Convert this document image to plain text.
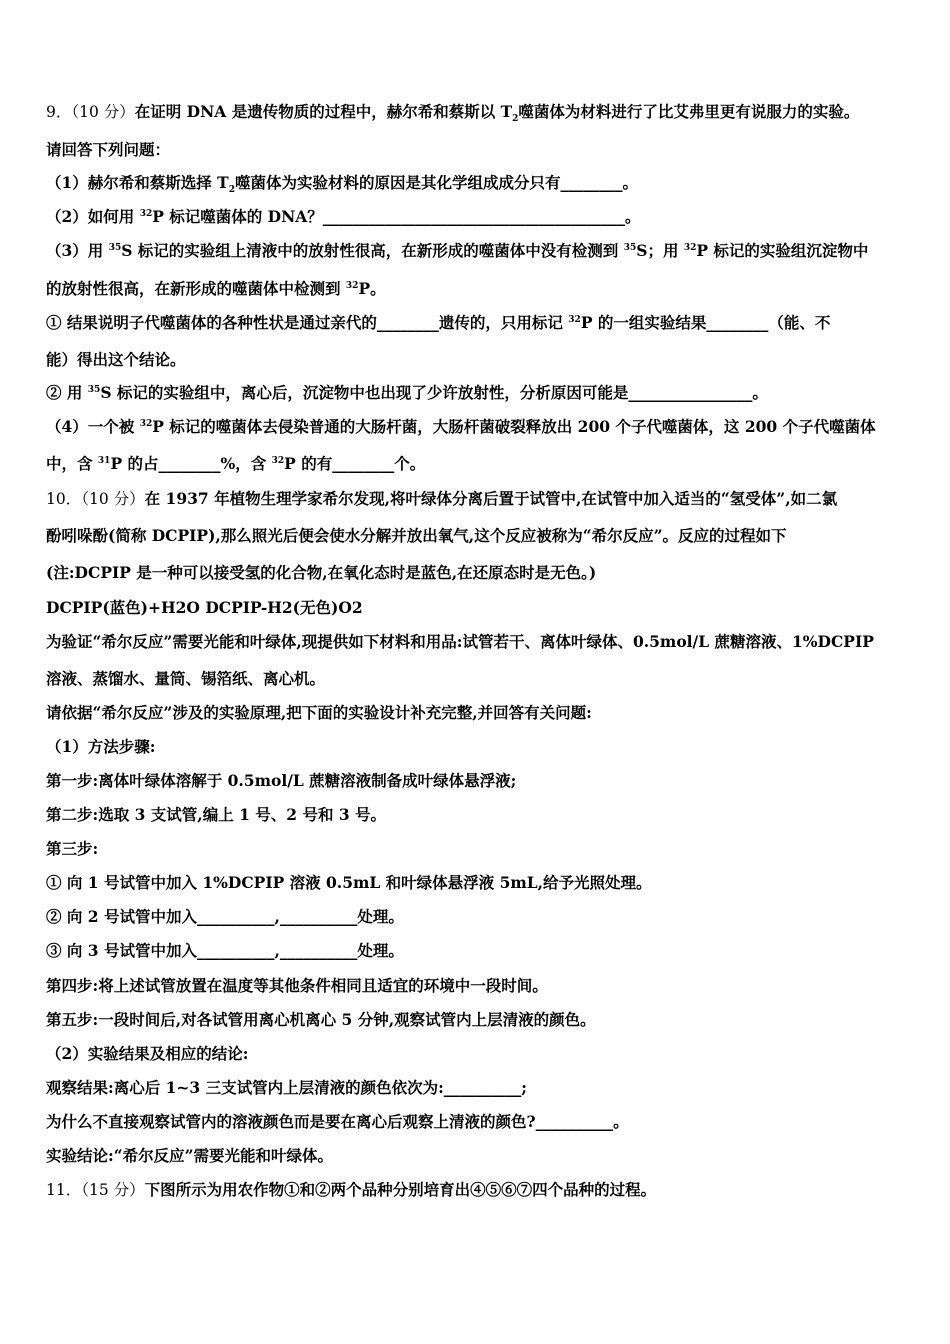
9．（10 分）在证明 DNA 是遗传物质的过程中，赫尔希和蔡斯以 $T_2$噬菌体为材料进行了比艾弗里更有说服力的实验。
请回答下列问题：
（1）赫尔希和蔡斯选择 $T_2$噬菌体为实验材料的原因是其化学组成成分只有________。
（2）如何用 $^{32}$P 标记噬菌体的 DNA？_______________________________________。
（3）用 $^{35}$S 标记的实验组上清液中的放射性很高，在新形成的噬菌体中没有检测到 $^{35}$S；用 $^{32}$P 标记的实验组沉淀物中
的放射性很高，在新形成的噬菌体中检测到 $^{32}$P。
① 结果说明子代噬菌体的各种性状是通过亲代的________遗传的，只用标记 $^{32}$P 的一组实验结果________（能、不
能）得出这个结论。
② 用 $^{35}$S 标记的实验组中，离心后，沉淀物中也出现了少许放射性，分析原因可能是________________。
（4）一个被 $^{32}$P 标记的噬菌体去侵染普通的大肠杆菌，大肠杆菌破裂释放出 200 个子代噬菌体，这 200 个子代噬菌体
中，含 $^{31}$P 的占________%，含 $^{32}$P 的有________个。
10．（10 分）在 1937 年植物生理学家希尔发现,将叶绿体分离后置于试管中,在试管中加入适当的“氢受体”,如二氯
酚吲哚酚(简称 DCPIP),那么照光后便会使水分解并放出氧气,这个反应被称为“希尔反应”。反应的过程如下
(注:DCPIP 是一种可以接受氢的化合物,在氧化态时是蓝色,在还原态时是无色。)
DCPIP(蓝色)+H2O DCPIP-H2(无色)O2
为验证“希尔反应”需要光能和叶绿体,现提供如下材料和用品:试管若干、离体叶绿体、0.5mol/L 蔗糖溶液、1%DCPIP
溶液、蒸馏水、量筒、锡箔纸、离心机。
请依据“希尔反应”涉及的实验原理,把下面的实验设计补充完整,并回答有关问题:
（1）方法步骤:
第一步:离体叶绿体溶解于 0.5mol/L 蔗糖溶液制备成叶绿体悬浮液;
第二步:选取 3 支试管,编上 1 号、2 号和 3 号。
第三步:
① 向 1 号试管中加入 1%DCPIP 溶液 0.5mL 和叶绿体悬浮液 5mL,给予光照处理。
② 向 2 号试管中加入__________,__________处理。
③ 向 3 号试管中加入__________,__________处理。
第四步:将上述试管放置在温度等其他条件相同且适宜的环境中一段时间。
第五步:一段时间后,对各试管用离心机离心 5 分钟,观察试管内上层清液的颜色。
（2）实验结果及相应的结论:
观察结果:离心后 1~3 三支试管内上层清液的颜色依次为:__________;
为什么不直接观察试管内的溶液颜色而是要在离心后观察上清液的颜色?__________。
实验结论:“希尔反应”需要光能和叶绿体。
11．（15 分）下图所示为用农作物①和②两个品种分别培育出④⑤⑥⑦四个品种的过程。
